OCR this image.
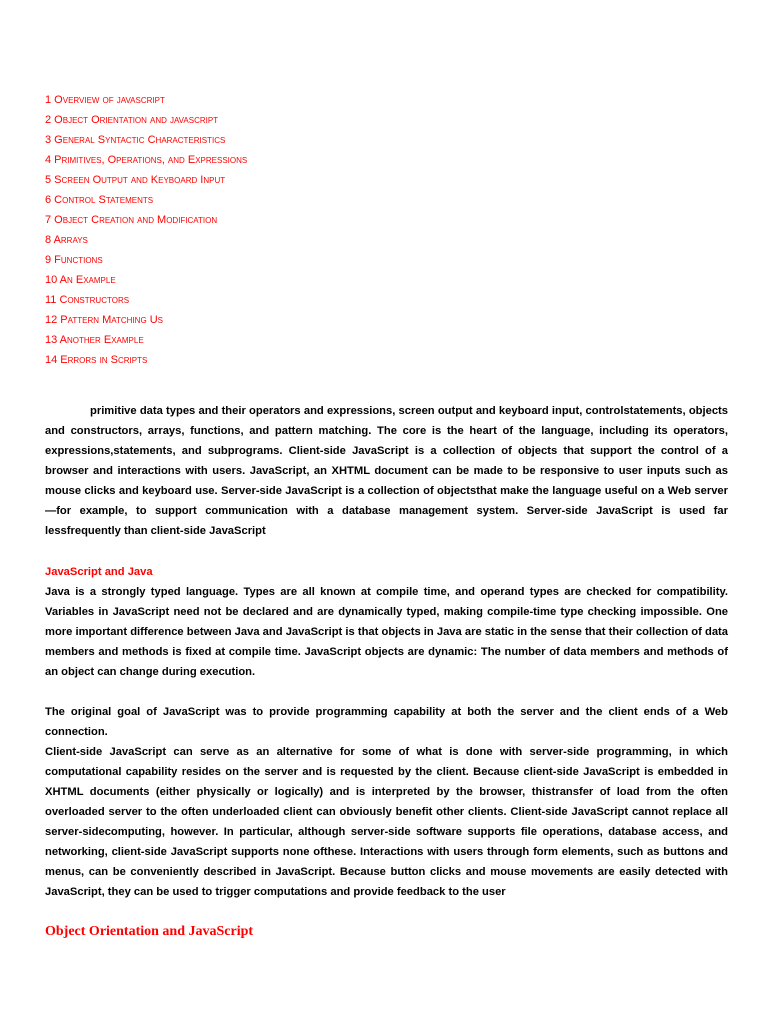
1 Overview of javascript
2 Object Orientation and javascript
3 General Syntactic Characteristics
4 Primitives, Operations, and Expressions
5 Screen Output and Keyboard Input
6 Control Statements
7 Object Creation and Modification
8 Arrays
9 Functions
10 An Example
11 Constructors
12 Pattern Matching Us
13 Another Example
14 Errors in Scripts

primitive data types and their operators and expressions, screen output and keyboard input, controlstatements, objects and constructors, arrays, functions, and pattern matching. The core is the heart of the language, including its operators, expressions,statements, and subprograms. Client-side JavaScript is a collection of objects that support the control of a browser and interactions with users. JavaScript, an XHTML document can be made to be responsive to user inputs such as mouse clicks and keyboard use. Server-side JavaScript is a collection of objectsthat make the language useful on a Web server—for example, to support communication with a database management system. Server-side JavaScript is used far lessfrequently than client-side JavaScript

JavaScript and Java

Java is a strongly typed language. Types are all known at compile time, and operand types are checked for compatibility. Variables in JavaScript need not be declared and are dynamically typed, making compile-time type checking impossible. One more important difference between Java and JavaScript is that objects in Java are static in the sense that their collection of data members and methods is fixed at compile time. JavaScript objects are dynamic: The number of data members and methods of an object can change during execution.

The original goal of JavaScript was to provide programming capability at both the server and the client ends of a Web connection.

Client-side JavaScript can serve as an alternative for some of what is done with server-side programming, in which computational capability resides on the server and is requested by the client. Because client-side JavaScript is embedded in XHTML documents (either physically or logically) and is interpreted by the browser, thistransfer of load from the often overloaded server to the often underloaded client can obviously benefit other clients. Client-side JavaScript cannot replace all server-sidecomputing, however. In particular, although server-side software supports file operations, database access, and networking, client-side JavaScript supports none ofthese. Interactions with users through form elements, such as buttons and menus, can be conveniently described in JavaScript. Because button clicks and mouse movements are easily detected with JavaScript, they can be used to trigger computations and provide feedback to the user

Object Orientation and JavaScript
